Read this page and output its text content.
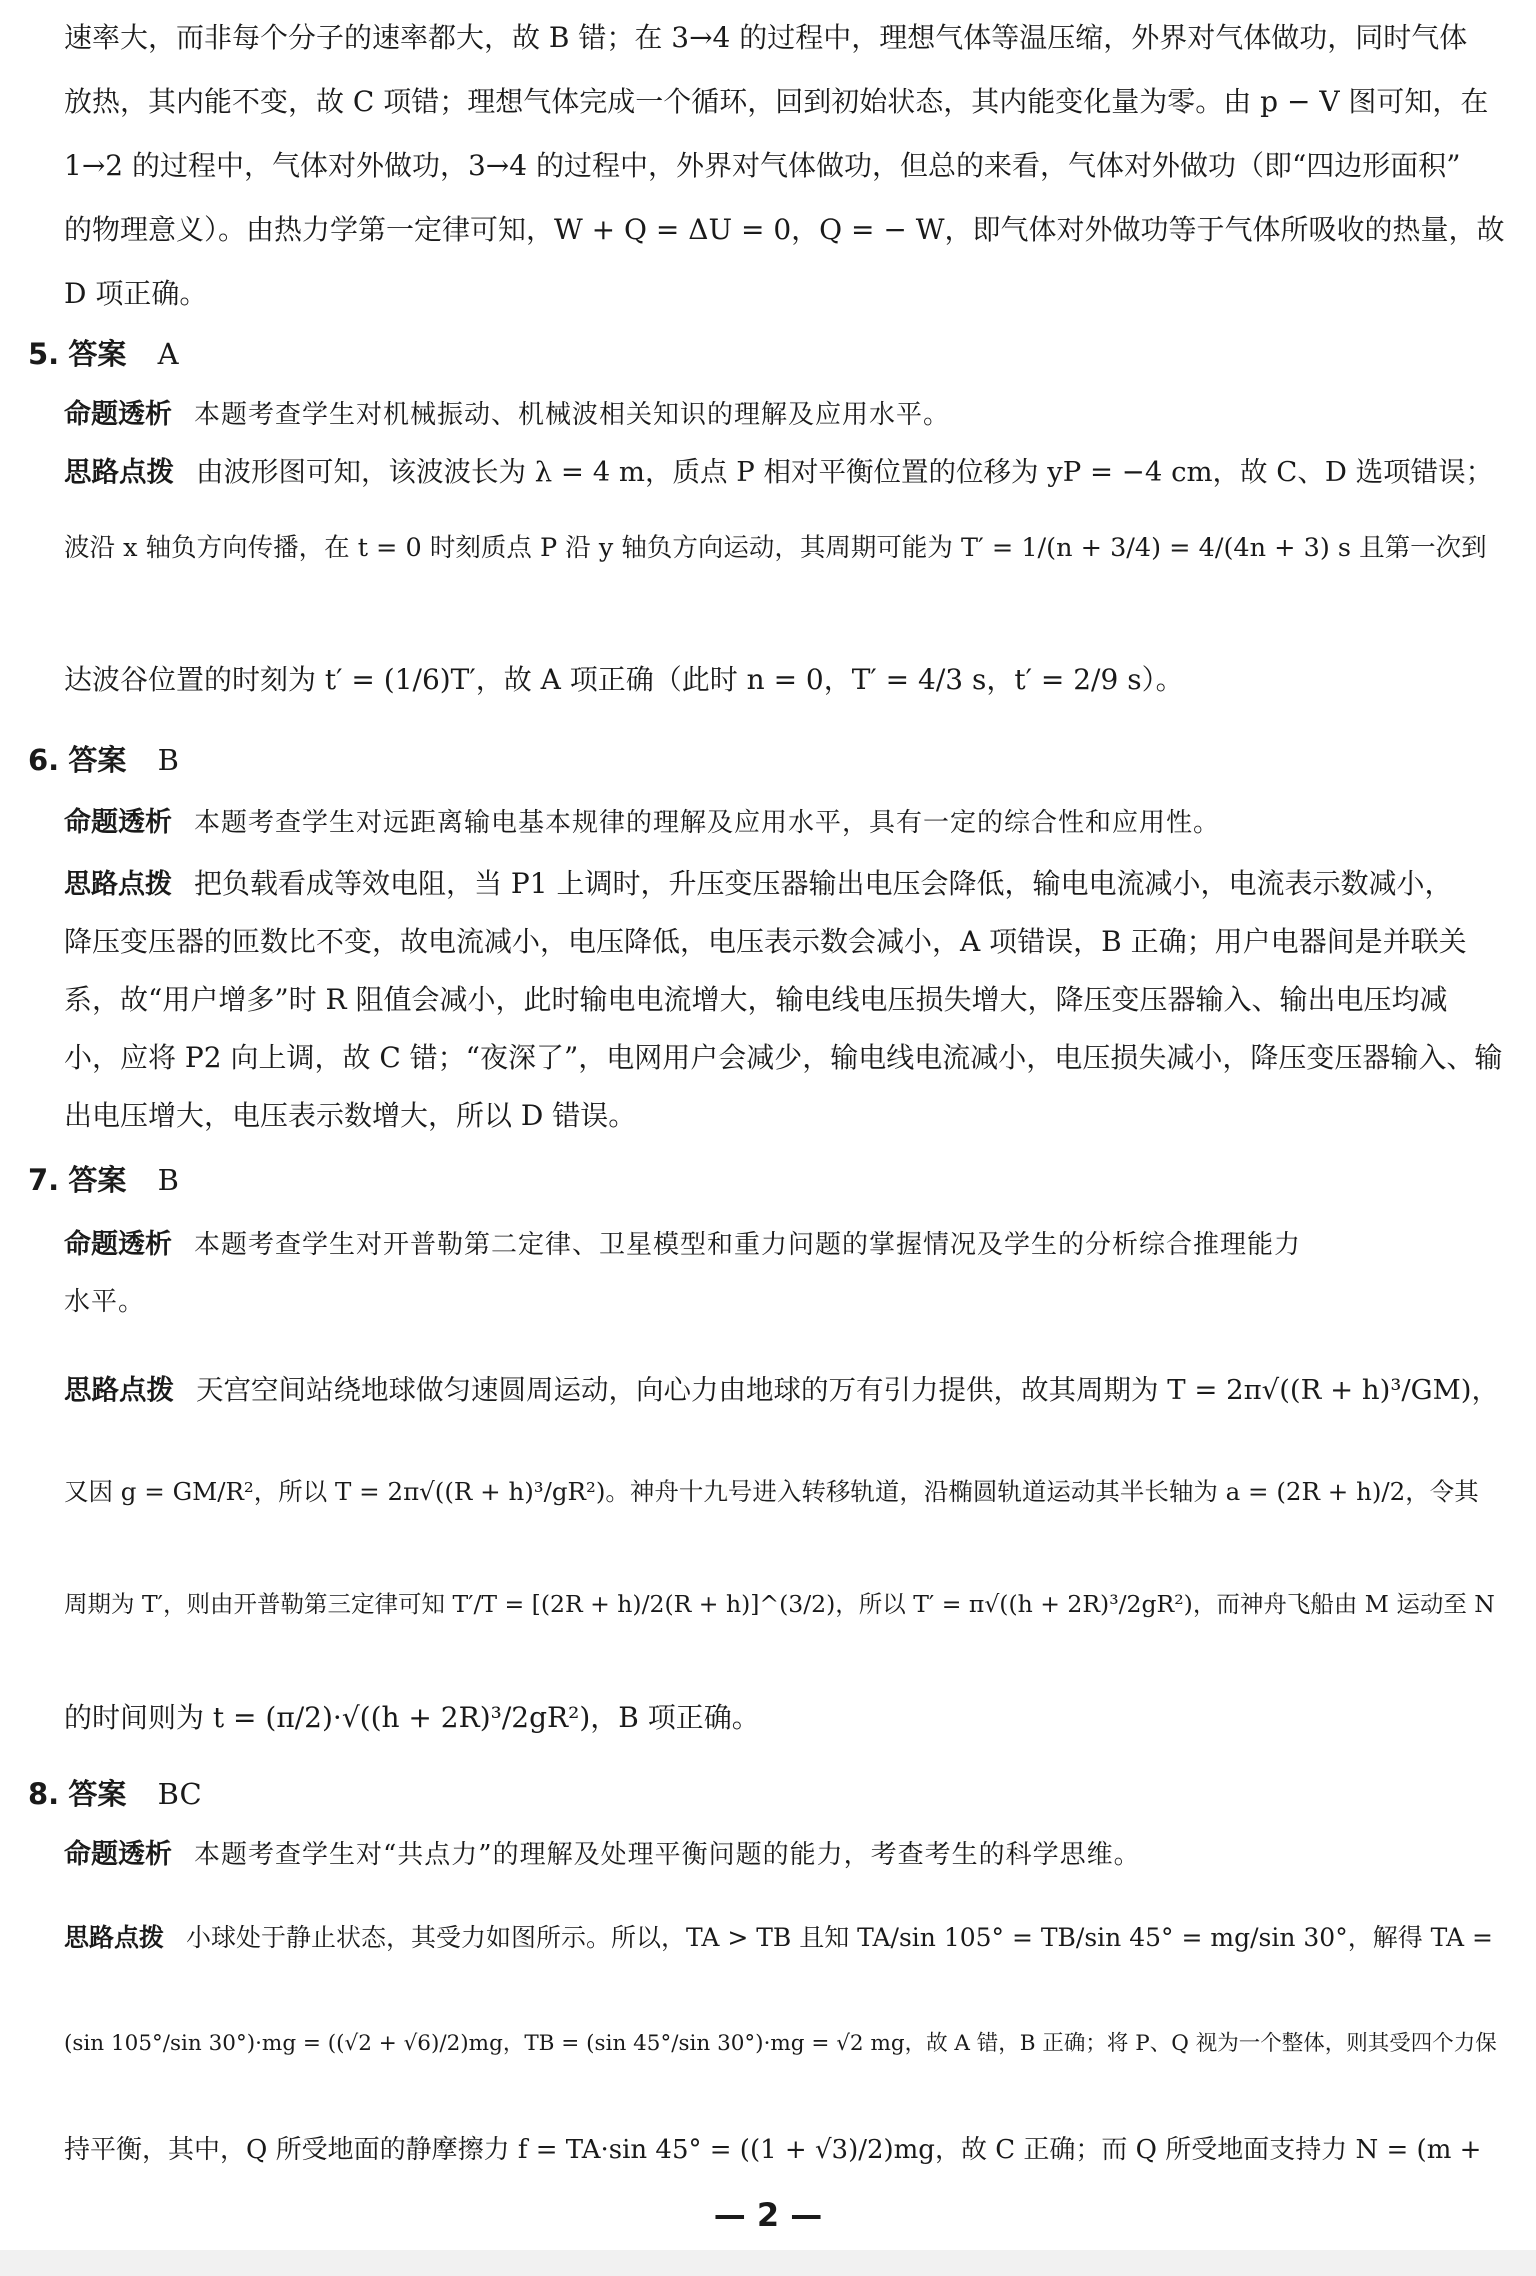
速率大，而非每个分子的速率都大，故 B 错；在 3→4 的过程中，理想气体等温压缩，外界对气体做功，同时气体
放热，其内能不变，故 C 项错；理想气体完成一个循环，回到初始状态，其内能变化量为零。由 p − V 图可知，在
1→2 的过程中，气体对外做功，3→4 的过程中，外界对气体做功，但总的来看，气体对外做功（即“四边形面积”
的物理意义）。由热力学第一定律可知，W + Q = ΔU = 0，Q = − W，即气体对外做功等于气体所吸收的热量，故
D 项正确。
5. 答案 A
命题透析 本题考查学生对机械振动、机械波相关知识的理解及应用水平。
思路点拨 由波形图可知，该波波长为 λ = 4 m，质点 P 相对平衡位置的位移为 yP = −4 cm，故 C、D 选项错误；
波沿 x 轴负方向传播，在 t = 0 时刻质点 P 沿 y 轴负方向运动，其周期可能为 T′ = 1/(n + 3/4) = 4/(4n + 3) s 且第一次到
达波谷位置的时刻为 t′ = (1/6)T′，故 A 项正确（此时 n = 0，T′ = 4/3 s，t′ = 2/9 s）。
6. 答案 B
命题透析 本题考查学生对远距离输电基本规律的理解及应用水平，具有一定的综合性和应用性。
思路点拨 把负载看成等效电阻，当 P1 上调时，升压变压器输出电压会降低，输电电流减小，电流表示数减小，
降压变压器的匝数比不变，故电流减小，电压降低，电压表示数会减小，A 项错误，B 正确；用户电器间是并联关
系，故“用户增多”时 R 阻值会减小，此时输电电流增大，输电线电压损失增大，降压变压器输入、输出电压均减
小，应将 P2 向上调，故 C 错；“夜深了”，电网用户会减少，输电线电流减小，电压损失减小，降压变压器输入、输
出电压增大，电压表示数增大，所以 D 错误。
7. 答案 B
命题透析 本题考查学生对开普勒第二定律、卫星模型和重力问题的掌握情况及学生的分析综合推理能力
水平。
思路点拨 天宫空间站绕地球做匀速圆周运动，向心力由地球的万有引力提供，故其周期为 T = 2π√((R + h)³/GM)，
又因 g = GM/R²，所以 T = 2π√((R + h)³/gR²)。神舟十九号进入转移轨道，沿椭圆轨道运动其半长轴为 a = (2R + h)/2，令其
周期为 T′，则由开普勒第三定律可知 T′/T = [(2R + h)/2(R + h)]^(3/2)，所以 T′ = π√((h + 2R)³/2gR²)，而神舟飞船由 M 运动至 N
的时间则为 t = (π/2)·√((h + 2R)³/2gR²)，B 项正确。
8. 答案 BC
命题透析 本题考查学生对“共点力”的理解及处理平衡问题的能力，考查考生的科学思维。
思路点拨 小球处于静止状态，其受力如图所示。所以，TA > TB 且知 TA/sin 105° = TB/sin 45° = mg/sin 30°，解得 TA =
(sin 105°/sin 30°)·mg = ((√2 + √6)/2)mg，TB = (sin 45°/sin 30°)·mg = √2 mg，故 A 错，B 正确；将 P、Q 视为一个整体，则其受四个力保
持平衡，其中，Q 所受地面的静摩擦力 f = TA·sin 45° = ((1 + √3)/2)mg，故 C 正确；而 Q 所受地面支持力 N = (m +
— 2 —
